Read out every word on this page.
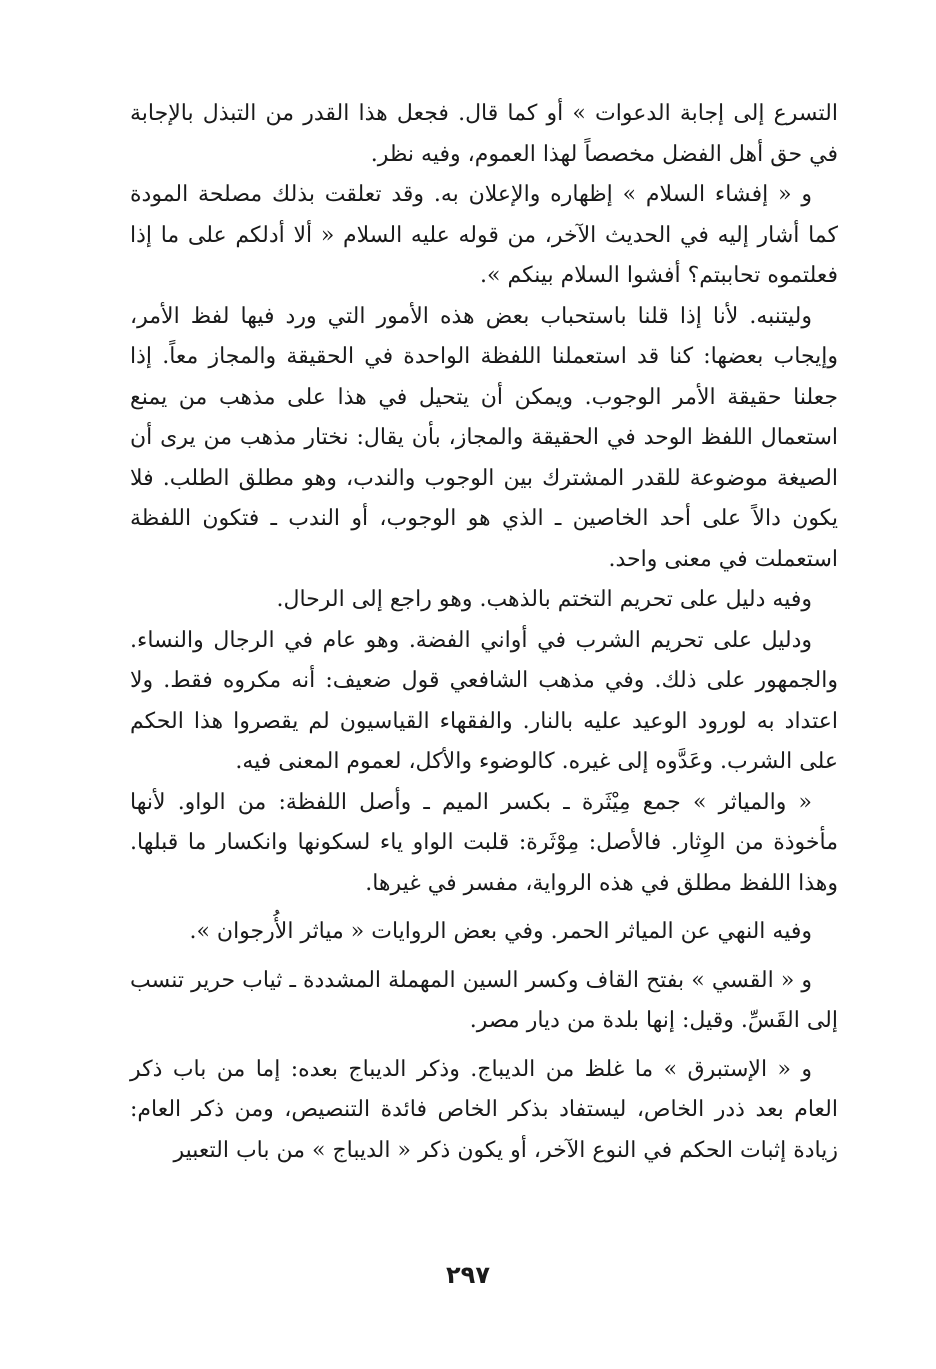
التسرع إلى إجابة الدعوات » أو كما قال. فجعل هذا القدر من التبذل بالإجابة في حق أهل الفضل مخصصاً لهذا العموم، وفيه نظر.

و « إفشاء السلام » إظهاره والإعلان به. وقد تعلقت بذلك مصلحة المودة كما أشار إليه في الحديث الآخر، من قوله عليه السلام « ألا أدلكم على ما إذا فعلتموه تحاببتم؟ أفشوا السلام بينكم ».

وليتنبه. لأنا إذا قلنا باستحباب بعض هذه الأمور التي ورد فيها لفظ الأمر، وإيجاب بعضها: كنا قد استعملنا اللفظة الواحدة في الحقيقة والمجاز معاً. إذا جعلنا حقيقة الأمر الوجوب. ويمكن أن يتحيل في هذا على مذهب من يمنع استعمال اللفظ الوحد في الحقيقة والمجاز، بأن يقال: نختار مذهب من يرى أن الصيغة موضوعة للقدر المشترك بين الوجوب والندب، وهو مطلق الطلب. فلا يكون دالاً على أحد الخاصين ـ الذي هو الوجوب، أو الندب ـ فتكون اللفظة استعملت في معنى واحد.

وفيه دليل على تحريم التختم بالذهب. وهو راجع إلى الرحال.

ودليل على تحريم الشرب في أواني الفضة. وهو عام في الرجال والنساء. والجمهور على ذلك. وفي مذهب الشافعي قول ضعيف: أنه مكروه فقط. ولا اعتداد به لورود الوعيد عليه بالنار. والفقهاء القياسيون لم يقصروا هذا الحكم على الشرب. وعَدَّوه إلى غيره. كالوضوء والأكل، لعموم المعنى فيه.

« والمياثر » جمع مِيْثَرة ـ بكسر الميم ـ وأصل اللفظة: من الواو. لأنها مأخوذة من الوِثار. فالأصل: مِوْثَرة: قلبت الواو ياء لسكونها وانكسار ما قبلها. وهذا اللفظ مطلق في هذه الرواية، مفسر في غيرها.

وفيه النهي عن المياثر الحمر. وفي بعض الروايات « مياثر الأُرجوان ».

و « القسي » بفتح القاف وكسر السين المهملة المشددة ـ ثياب حرير تنسب إلى القَسِّ. وقيل: إنها بلدة من ديار مصر.

و « الإستبرق » ما غلظ من الديباج. وذكر الديباج بعده: إما من باب ذكر العام بعد ذدر الخاص، ليستفاد بذكر الخاص فائدة التنصيص، ومن ذكر العام: زيادة إثبات الحكم في النوع الآخر، أو يكون ذكر « الديباج » من باب التعبير

٢٩٧
